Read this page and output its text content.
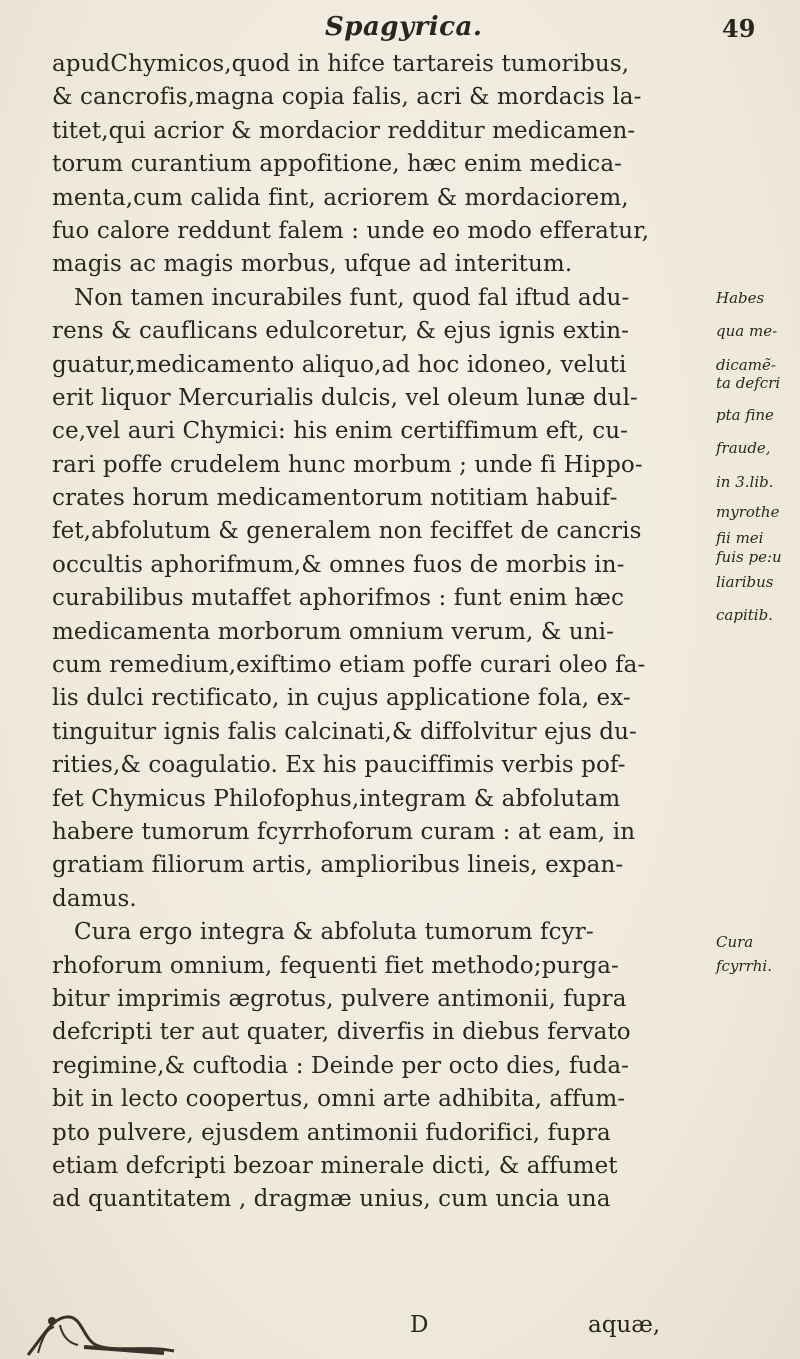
Spagyrica.	49
apudChymicos,quod in hifce tartareis tumoribus,
& cancrofis,magna copia falis, acri & mordacis la-
titet,qui acrior & mordacior redditur medicamen-
torum curantium appofitione, hæc enim medica-
menta,cum calida fint, acriorem & mordaciorem,
fuo calore reddunt falem : unde eo modo efferatur,
magis ac magis morbus, ufque ad interitum.
Non tamen incurabiles funt, quod fal iftud adu-
rens & cauflicans edulcoretur, & ejus ignis extin-
guatur,medicamento aliquo,ad hoc idoneo, veluti
erit liquor Mercurialis dulcis, vel oleum lunæ dul-
ce,vel auri Chymici: his enim certiffimum eft, cu-
rari poffe crudelem hunc morbum ; unde fi Hippo-
crates horum medicamentorum notitiam habuif-
fet,abfolutum & generalem non feciffet de cancris
occultis aphorifmum,& omnes fuos de morbis in-
curabilibus mutaffet aphorifmos : funt enim hæc
medicamenta morborum omnium verum, & uni-
cum remedium,exiftimo etiam poffe curari oleo fa-
lis dulci rectificato, in cujus applicatione fola, ex-
tinguitur ignis falis calcinati,& diffolvitur ejus du-
rities,& coagulatio. Ex his pauciffimis verbis pof-
fet Chymicus Philofophus,integram & abfolutam
habere tumorum fcyrrhoforum curam : at eam, in
gratiam filiorum artis, amplioribus lineis, expan-
damus.
Cura ergo integra & abfoluta tumorum fcyr-
rhoforum omnium, fequenti fiet methodo;purga-
bitur imprimis ægrotus, pulvere antimonii, fupra
defcripti ter aut quater, diverfis in diebus fervato
regimine,& cuftodia : Deinde per octo dies, fuda-
bit in lecto coopertus, omni arte adhibita, affum-
pto pulvere, ejusdem antimonii fudorifici, fupra
etiam defcripti bezoar minerale dicti, & affumet
ad quantitatem , dragmæ unius, cum uncia una
Habes
qua me-
dicamẽ-
ta defcri
pta fine
fraude,
in 3.lib.
myrothe
fii mei
fuis pe:u
liaribus
capitib.
Cura
fcyrrhi.
D	aquæ,
